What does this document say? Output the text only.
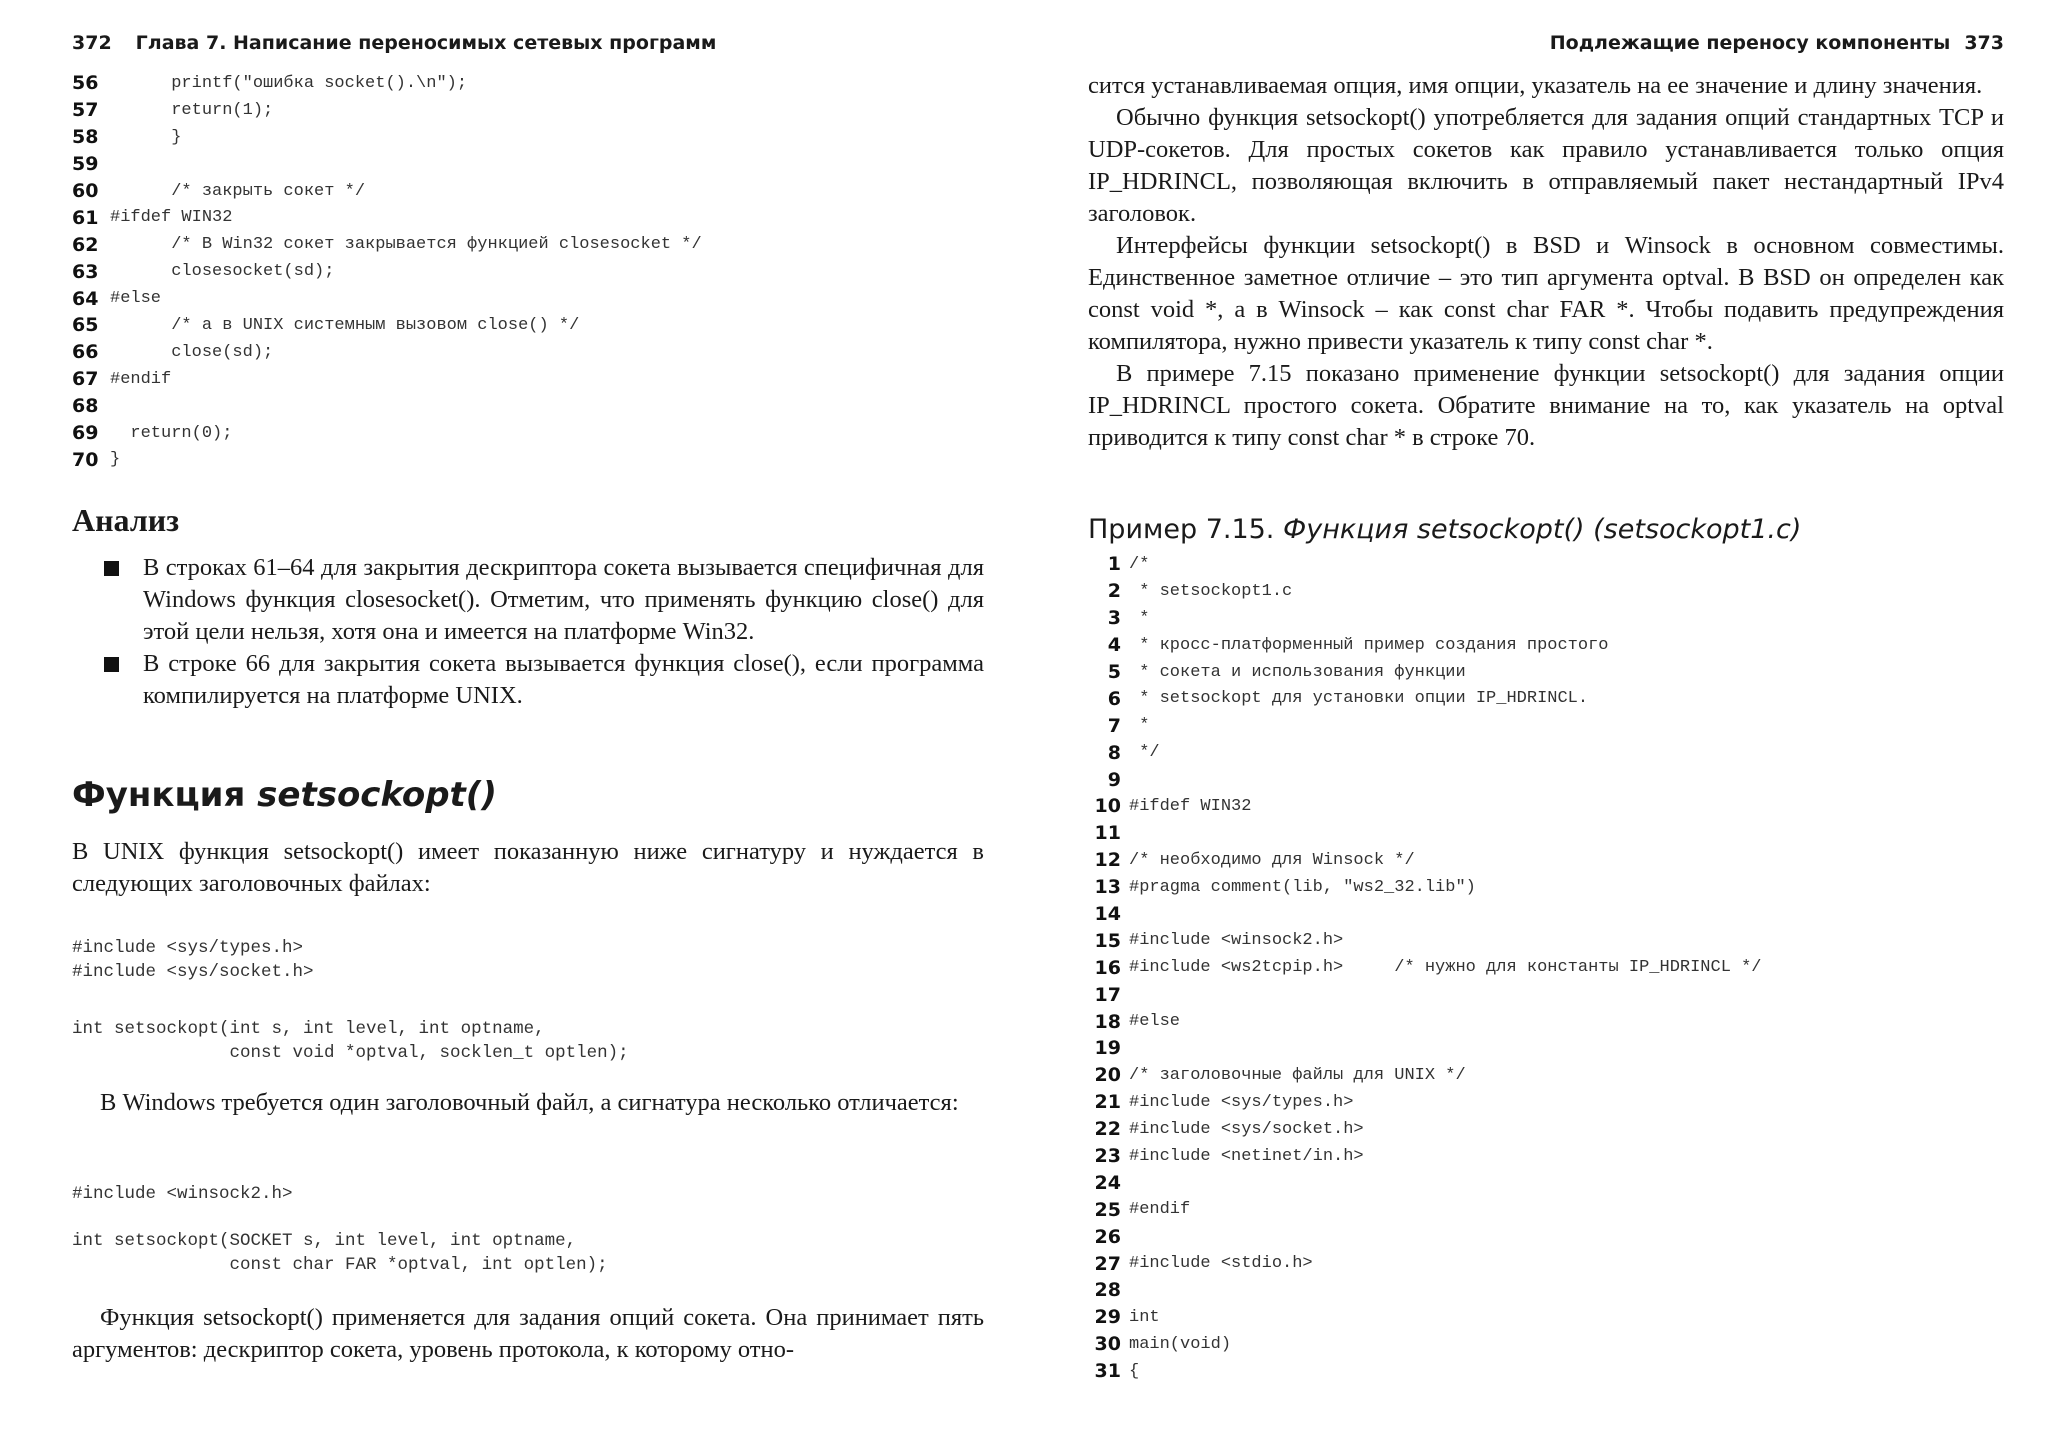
372 Глава 7. Написание переносимых сетевых программ
56 printf("ошибка socket().\n");
57 return(1);
58 }
59
60 /* закрыть сокет */
61 #ifdef WIN32
62 /* В Win32 сокет закрывается функцией closesocket */
63 closesocket(sd);
64 #else
65 /* а в UNIX системным вызовом close() */
66 close(sd);
67 #endif
68
69 return(0);
70 }
Анализ

В строках 61–64 для закрытия дескриптора сокета вызывается специфичная для Windows функция closesocket(). Отметим, что применять функцию close() для этой цели нельзя, хотя она и имеется на платформе Win32.

В строке 66 для закрытия сокета вызывается функция close(), если программа компилируется на платформе UNIX.

Функция setsockopt()

В UNIX функция setsockopt() имеет показанную ниже сигнатуру и нуждается в следующих заголовочных файлах:

#include <sys/types.h>
#include <sys/socket.h>
int setsockopt(int s, int level, int optname,
const void *optval, socklen_t optlen);

В Windows требуется один заголовочный файл, а сигнатура несколько отличается:

#include <winsock2.h>
int setsockopt(SOCKET s, int level, int optname,
const char FAR *optval, int optlen);

Функция setsockopt() применяется для задания опций сокета. Она принимает пять аргументов: дескриптор сокета, уровень протокола, к которому отно-

Подлежащие переносу компоненты 373

сится устанавливаемая опция, имя опции, указатель на ее значение и длину значения.

Обычно функция setsockopt() употребляется для задания опций стандартных TCP и UDP-сокетов. Для простых сокетов как правило устанавливается только опция IP_HDRINCL, позволяющая включить в отправляемый пакет нестандартный IPv4 заголовок.

Интерфейсы функции setsockopt() в BSD и Winsock в основном совместимы. Единственное заметное отличие – это тип аргумента optval. В BSD он определен как const void *, а в Winsock – как const char FAR *. Чтобы подавить предупреждения компилятора, нужно привести указатель к типу const char *.

В примере 7.15 показано применение функции setsockopt() для задания опции IP_HDRINCL простого сокета. Обратите внимание на то, как указатель на optval приводится к типу const char * в строке 70.

Пример 7.15. Функция setsockopt() (setsockopt1.c)
1 /*
2 * setsockopt1.c
3 *
4 * кросс-платформенный пример создания простого
5 * сокета и использования функции
6 * setsockopt для установки опции IP_HDRINCL.
7 *
8 */
9
10 #ifdef WIN32
11
12 /* необходимо для Winsock */
13 #pragma comment(lib, "ws2_32.lib")
14
15 #include <winsock2.h>
16 #include <ws2tcpip.h>     /* нужно для константы IP_HDRINCL */
17
18 #else
19
20 /* заголовочные файлы для UNIX */
21 #include <sys/types.h>
22 #include <sys/socket.h>
23 #include <netinet/in.h>
24
25 #endif
26
27 #include <stdio.h>
28
29 int
30 main(void)
31 {
